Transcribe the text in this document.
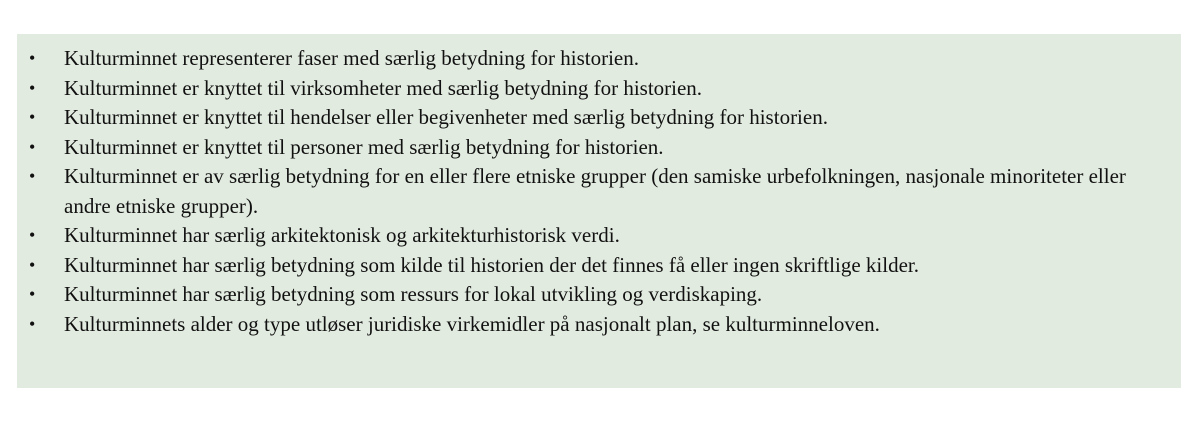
• Kulturminnet representerer faser med særlig betydning for historien.
• Kulturminnet er knyttet til virksomheter med særlig betydning for historien.
• Kulturminnet er knyttet til hendelser eller begivenheter med særlig betydning for historien.
• Kulturminnet er knyttet til personer med særlig betydning for historien.
• Kulturminnet er av særlig betydning for en eller flere etniske grupper (den samiske urbefolkningen, nasjonale minoriteter eller andre etniske grupper).
• Kulturminnet har særlig arkitektonisk og arkitekturhistorisk verdi.
• Kulturminnet har særlig betydning som kilde til historien der det finnes få eller ingen skriftlige kilder.
• Kulturminnet har særlig betydning som ressurs for lokal utvikling og verdiskaping.
• Kulturminnets alder og type utløser juridiske virkemidler på nasjonalt plan, se kulturminneloven.
